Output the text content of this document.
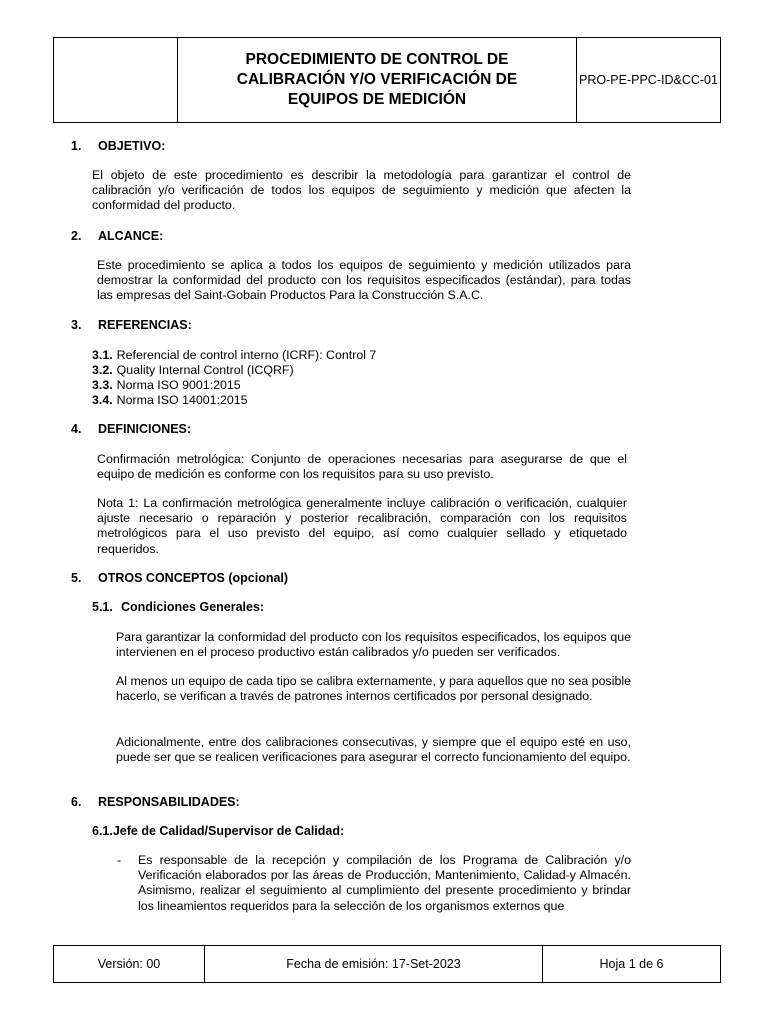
PROCEDIMIENTO DE CONTROL DE
CALIBRACIÓN Y/O VERIFICACIÓN DE
EQUIPOS DE MEDICIÓN
PRO-PE-PPC-ID&CC-01
1. OBJETIVO:
El objeto de este procedimiento es describir la metodología para garantizar el control de calibración y/o verificación de todos los equipos de seguimiento y medición que afecten la conformidad del producto.
2. ALCANCE:
Este procedimiento se aplica a todos los equipos de seguimiento y medición utilizados para demostrar la conformidad del producto con los requisitos especificados (estándar), para todas las empresas del Saint-Gobain Productos Para la Construcción S.A.C.
3. REFERENCIAS:
3.1. Referencial de control interno (ICRF): Control 7
3.2. Quality Internal Control (ICQRF)
3.3. Norma ISO 9001:2015
3.4. Norma ISO 14001:2015
4. DEFINICIONES:
Confirmación metrológica: Conjunto de operaciones necesarias para asegurarse de que el equipo de medición es conforme con los requisitos para su uso previsto.
Nota 1: La confirmación metrológica generalmente incluye calibración o verificación, cualquier ajuste necesario o reparación y posterior recalibración, comparación con los requisitos metrológicos para el uso previsto del equipo, así como cualquier sellado y etiquetado requeridos.
5. OTROS CONCEPTOS (opcional)
5.1. Condiciones Generales:
Para garantizar la conformidad del producto con los requisitos especificados, los equipos que intervienen en el proceso productivo están calibrados y/o pueden ser verificados.
Al menos un equipo de cada tipo se calibra externamente, y para aquellos que no sea posible hacerlo, se verifican a través de patrones internos certificados por personal designado.
Adicionalmente, entre dos calibraciones consecutivas, y siempre que el equipo esté en uso, puede ser que se realicen verificaciones para asegurar el correcto funcionamiento del equipo.
6. RESPONSABILIDADES:
6.1.Jefe de Calidad/Supervisor de Calidad:
-	Es responsable de la recepción y compilación de los Programa de Calibración y/o Verificación elaborados por las áreas de Producción, Mantenimiento, Calidad-y Almacén. Asimismo, realizar el seguimiento al cumplimiento del presente procedimiento y brindar los lineamientos requeridos para la selección de los organismos externos que
Versión: 00	Fecha de emisión: 17-Set-2023	Hoja 1 de 6
